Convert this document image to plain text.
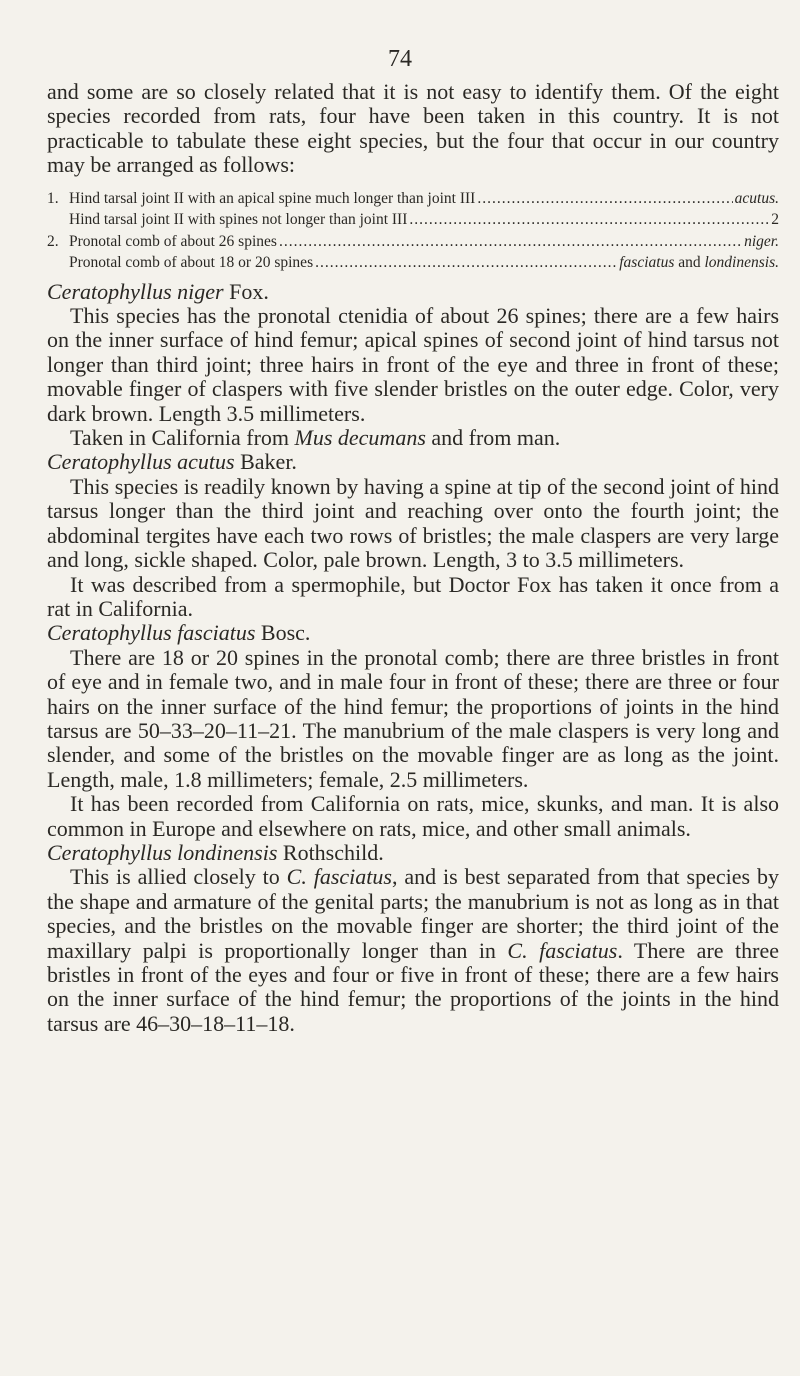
74

and some are so closely related that it is not easy to identify them. Of the eight species recorded from rats, four have been taken in this country. It is not practicable to tabulate these eight species, but the four that occur in our country may be arranged as follows:

1. Hind tarsal joint II with an apical spine much longer than joint III .....	acutus.
Hind tarsal joint II with spines not longer than joint III .....	2
2. Pronotal comb of about 26 spines .....	niger.
Pronotal comb of about 18 or 20 spines .....	fasciatus and londinensis.

Ceratophyllus niger Fox.

This species has the pronotal ctenidia of about 26 spines; there are a few hairs on the inner surface of hind femur; apical spines of second joint of hind tarsus not longer than third joint; three hairs in front of the eye and three in front of these; movable finger of claspers with five slender bristles on the outer edge. Color, very dark brown. Length 3.5 millimeters.

Taken in California from Mus decumans and from man.

Ceratophyllus acutus Baker.

This species is readily known by having a spine at tip of the second joint of hind tarsus longer than the third joint and reaching over onto the fourth joint; the abdominal tergites have each two rows of bristles; the male claspers are very large and long, sickle shaped. Color, pale brown. Length, 3 to 3.5 millimeters.

It was described from a spermophile, but Doctor Fox has taken it once from a rat in California.

Ceratophyllus fasciatus Bosc.

There are 18 or 20 spines in the pronotal comb; there are three bristles in front of eye and in female two, and in male four in front of these; there are three or four hairs on the inner surface of the hind femur; the proportions of joints in the hind tarsus are 50–33–20–11–21. The manubrium of the male claspers is very long and slender, and some of the bristles on the movable finger are as long as the joint. Length, male, 1.8 millimeters; female, 2.5 millimeters.

It has been recorded from California on rats, mice, skunks, and man. It is also common in Europe and elsewhere on rats, mice, and other small animals.

Ceratophyllus londinensis Rothschild.

This is allied closely to C. fasciatus, and is best separated from that species by the shape and armature of the genital parts; the manubrium is not as long as in that species, and the bristles on the movable finger are shorter; the third joint of the maxillary palpi is proportionally longer than in C. fasciatus. There are three bristles in front of the eyes and four or five in front of these; there are a few hairs on the inner surface of the hind femur; the proportions of the joints in the hind tarsus are 46–30–18–11–18.
